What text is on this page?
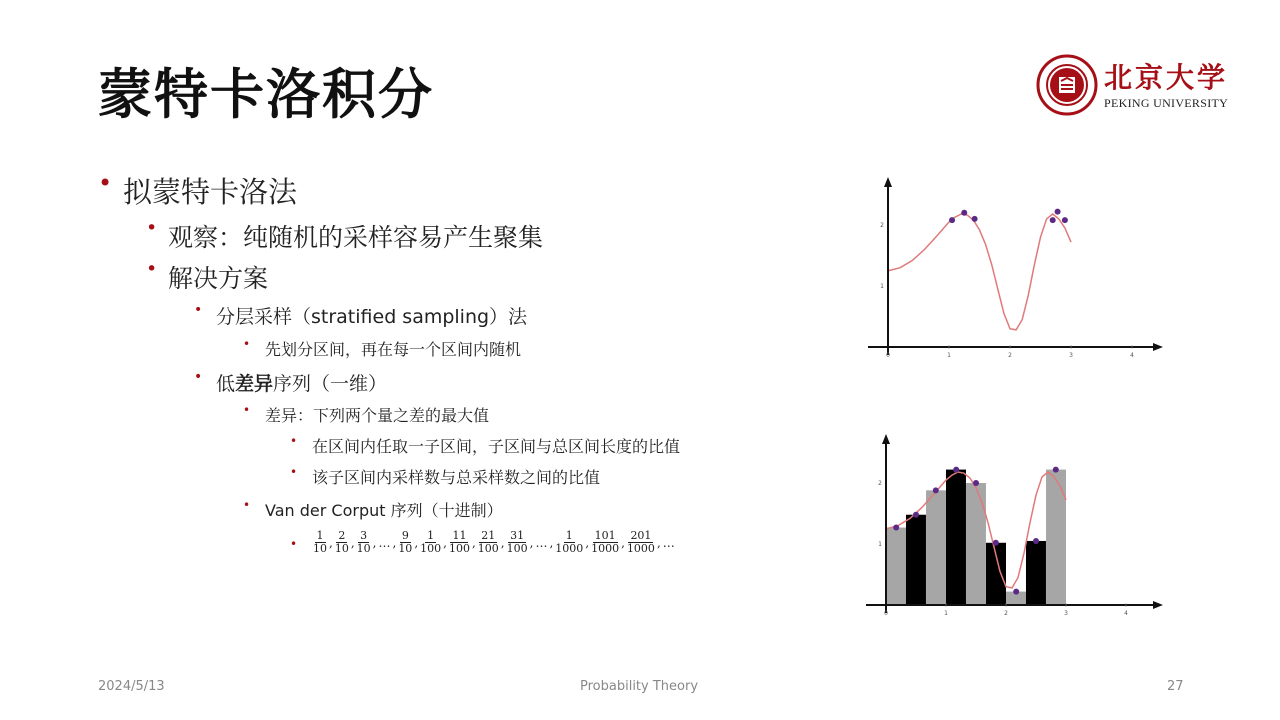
蒙特卡洛积分	北京大学
PEKING UNIVERSITY
• 拟蒙特卡洛法
• 观察：纯随机的采样容易产生聚集
• 解决方案
• 分层采样（stratified sampling）法
• 先划分区间，再在每一个区间内随机
• 低差异序列（一维）
• 差异：下列两个量之差的最大值
• 在区间内任取一子区间，子区间与总区间长度的比值
• 该子区间内采样数与总采样数之间的比值
• Van der Corput 序列（十进制）
• $\frac{1}{10}$ , $\frac{2}{10}$ , $\frac{3}{10}$ , … , $\frac{9}{10}$ , $\frac{1}{100}$ , $\frac{11}{100}$ , $\frac{21}{100}$ , $\frac{31}{100}$ , … , $\frac{1}{1000}$ , $\frac{101}{1000}$ , $\frac{201}{1000}$ , …
0	1	2	3	4
1
2
0	1	2	3	4
1
2
2024/5/13	Probability Theory	27
